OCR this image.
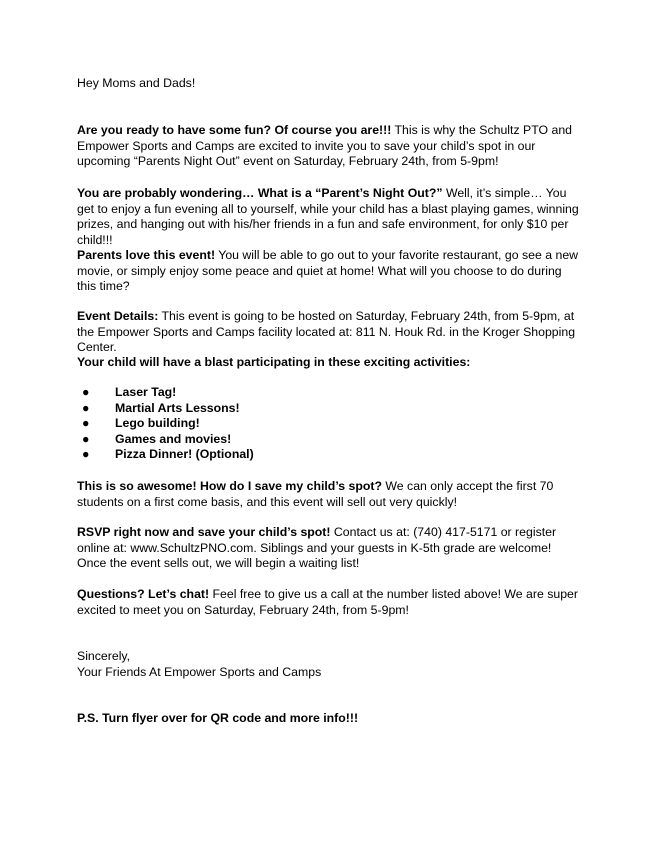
Hey Moms and Dads!

Are you ready to have some fun? Of course you are!!! This is why the Schultz PTO and Empower Sports and Camps are excited to invite you to save your child’s spot in our upcoming “Parents Night Out” event on Saturday, February 24th, from 5-9pm!

You are probably wondering… What is a “Parent’s Night Out?” Well, it’s simple… You get to enjoy a fun evening all to yourself, while your child has a blast playing games, winning prizes, and hanging out with his/her friends in a fun and safe environment, for only $10 per child!!!

Parents love this event! You will be able to go out to your favorite restaurant, go see a new movie, or simply enjoy some peace and quiet at home! What will you choose to do during this time?

Event Details: This event is going to be hosted on Saturday, February 24th, from 5-9pm, at the Empower Sports and Camps facility located at: 811 N. Houk Rd. in the Kroger Shopping Center.

Your child will have a blast participating in these exciting activities:

● Laser Tag!
● Martial Arts Lessons!
● Lego building!
● Games and movies!
● Pizza Dinner! (Optional)

This is so awesome! How do I save my child’s spot? We can only accept the first 70 students on a first come basis, and this event will sell out very quickly!

RSVP right now and save your child’s spot! Contact us at: (740) 417-5171 or register online at: www.SchultzPNO.com. Siblings and your guests in K-5th grade are welcome! Once the event sells out, we will begin a waiting list!

Questions? Let’s chat! Feel free to give us a call at the number listed above! We are super excited to meet you on Saturday, February 24th, from 5-9pm!

Sincerely,
Your Friends At Empower Sports and Camps

P.S. Turn flyer over for QR code and more info!!!
